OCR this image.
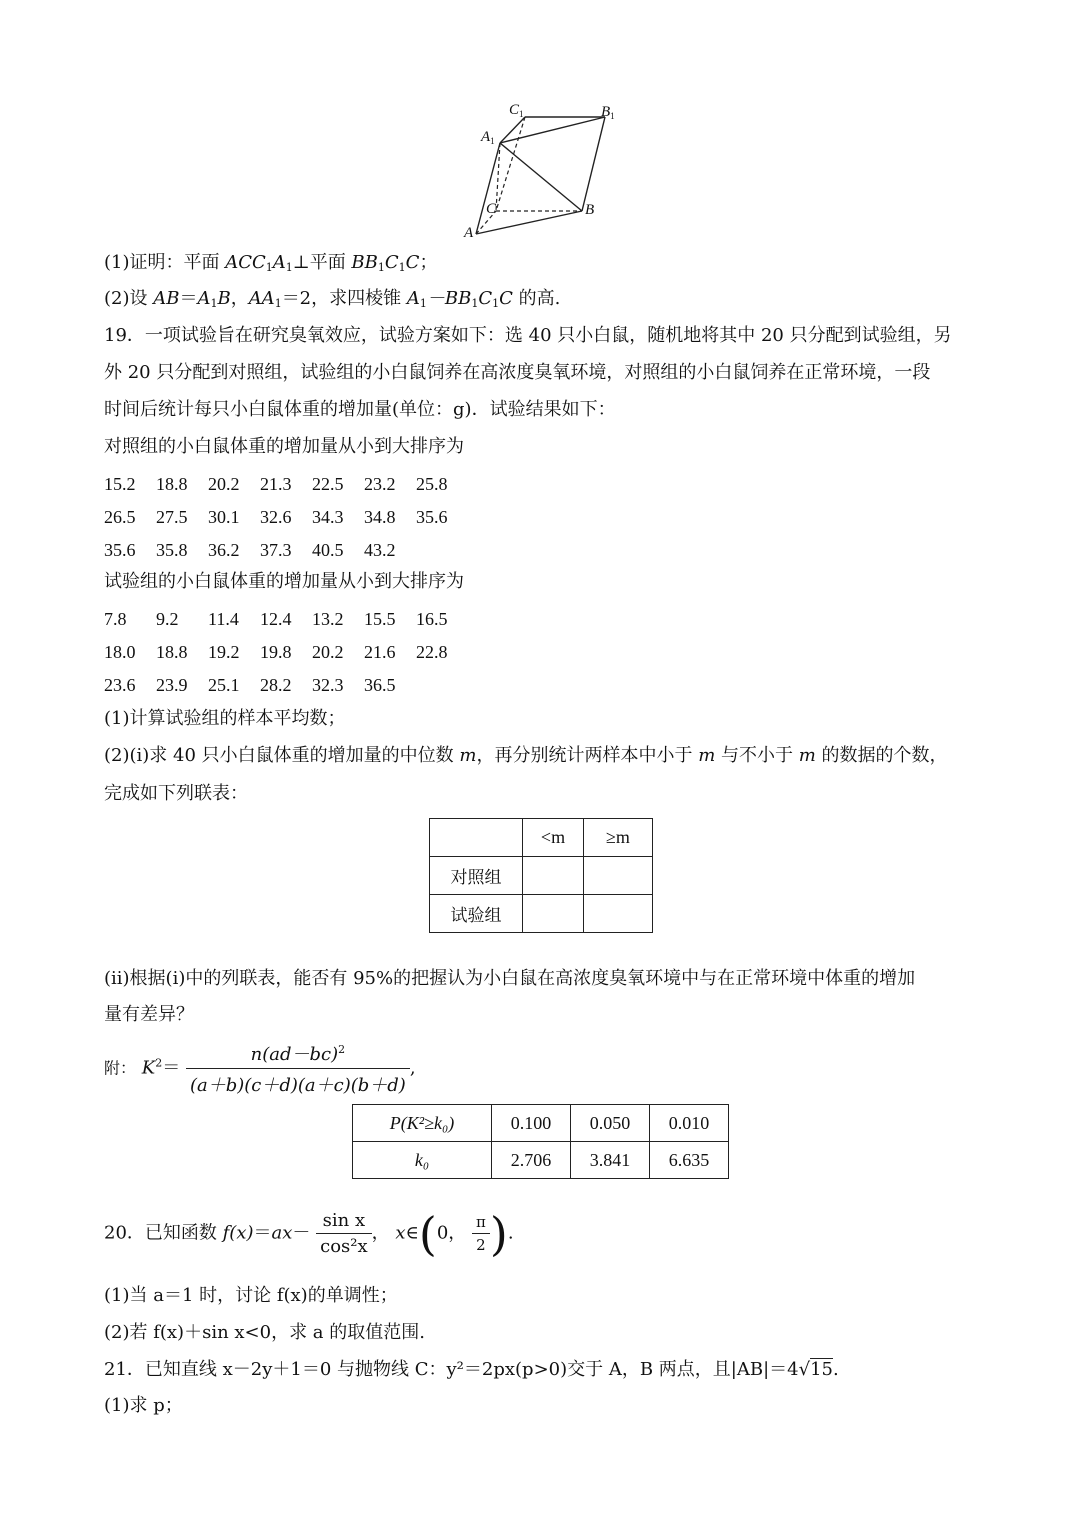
$C_1$	$B_1$
$A_1$
C	B
A
(1)证明：平面 $ACC_1A_1\perp$平面 $BB_1C_1C$；
(2)设 $AB=A_1B$，$AA_1=2$，求四棱锥 $A_1-BB_1C_1C$ 的高.
19．一项试验旨在研究臭氧效应，试验方案如下：选 40 只小白鼠，随机地将其中 20 只分配到试验组，另
外 20 只分配到对照组，试验组的小白鼠饲养在高浓度臭氧环境，对照组的小白鼠饲养在正常环境，一段
时间后统计每只小白鼠体重的增加量(单位：g)．试验结果如下：
对照组的小白鼠体重的增加量从小到大排序为
15.2 18.8 20.2 21.3 22.5 23.2 25.8
26.5 27.5 30.1 32.6 34.3 34.8 35.6
35.6 35.8 36.2 37.3 40.5 43.2
试验组的小白鼠体重的增加量从小到大排序为
7.8 9.2 11.4 12.4 13.2 15.5 16.5
18.0 18.8 19.2 19.8 20.2 21.6 22.8
23.6 23.9 25.1 28.2 32.3 36.5
(1)计算试验组的样本平均数；
(2)(ⅰ)求 40 只小白鼠体重的增加量的中位数 m，再分别统计两样本中小于 m 与不小于 m 的数据的个数，
完成如下列联表：
	<m	≥m
对照组		
试验组		
(ⅱ)根据(ⅰ)中的列联表，能否有 95%的把握认为小白鼠在高浓度臭氧环境中与在正常环境中体重的增加
量有差异？
附： $K^2= \frac{n(ad-bc)^2}{(a+b)(c+d)(a+c)(b+d)}$ ,
P(K²≥k₀)	0.100	0.050	0.010
k₀	2.706	3.841	6.635
20．已知函数 $f(x)=ax- \frac{\text{sin x}}{\text{cos²x}}$ ， x∈(0， $\frac{\pi}{2}$ ).
(1)当 a＝1 时，讨论 f(x)的单调性；
(2)若 f(x)＋sin x<0，求 a 的取值范围.
21．已知直线 x－2y＋1＝0 与抛物线 C：y²＝2px(p>0)交于 A，B 两点，且|AB|＝4√15.
(1)求 p；
